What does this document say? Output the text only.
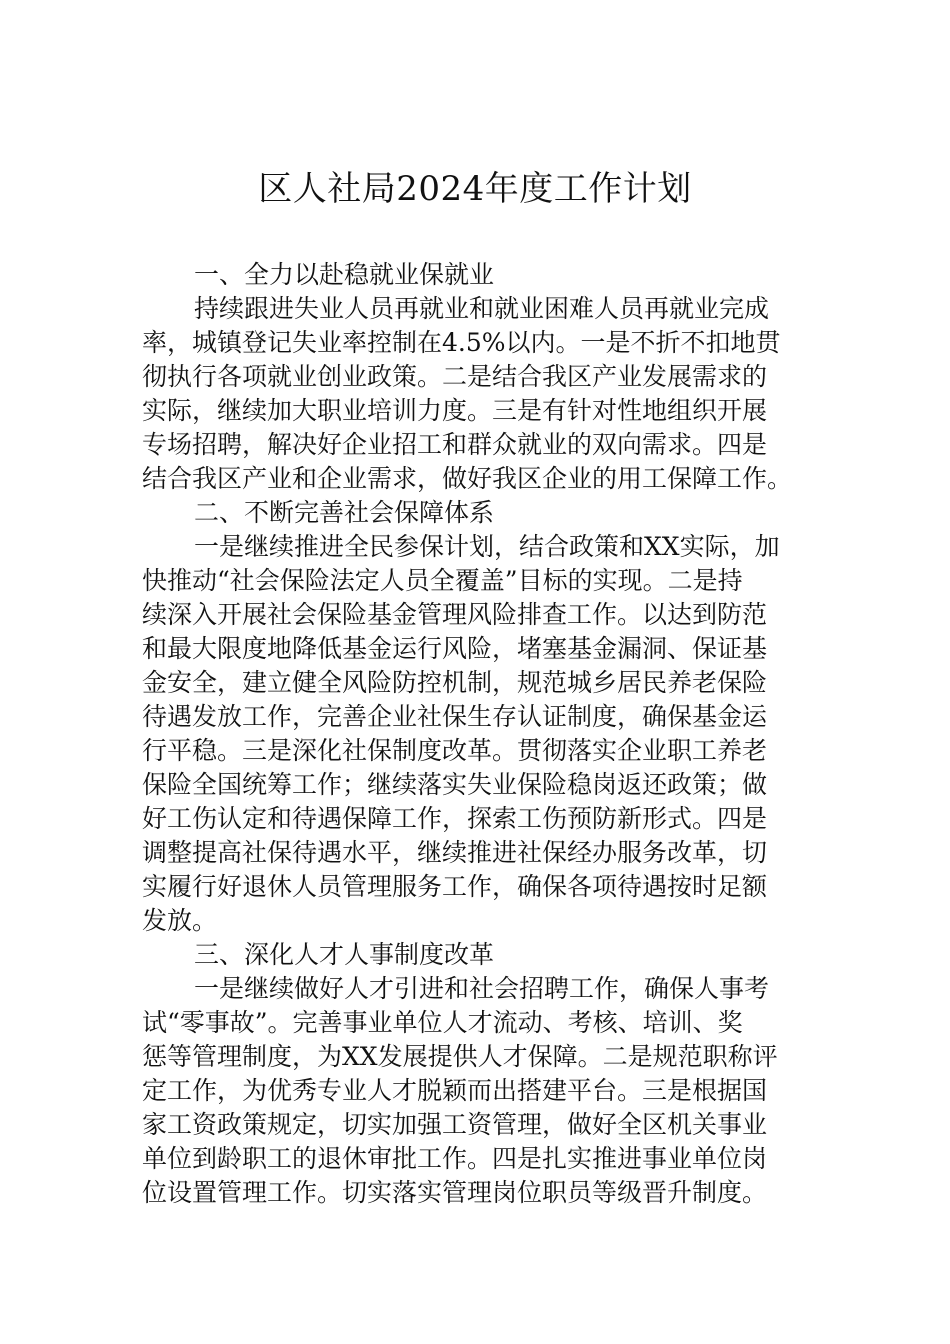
区人社局2024年度工作计划

一、全力以赴稳就业保就业

持续跟进失业人员再就业和就业困难人员再就业完成
率，城镇登记失业率控制在4.5%以内。一是不折不扣地贯
彻执行各项就业创业政策。二是结合我区产业发展需求的
实际，继续加大职业培训力度。三是有针对性地组织开展
专场招聘，解决好企业招工和群众就业的双向需求。四是
结合我区产业和企业需求，做好我区企业的用工保障工作。

二、不断完善社会保障体系

一是继续推进全民参保计划，结合政策和XX实际，加
快推动“社会保险法定人员全覆盖”目标的实现。二是持
续深入开展社会保险基金管理风险排查工作。以达到防范
和最大限度地降低基金运行风险，堵塞基金漏洞、保证基
金安全，建立健全风险防控机制，规范城乡居民养老保险
待遇发放工作，完善企业社保生存认证制度，确保基金运
行平稳。三是深化社保制度改革。贯彻落实企业职工养老
保险全国统筹工作；继续落实失业保险稳岗返还政策；做
好工伤认定和待遇保障工作，探索工伤预防新形式。四是
调整提高社保待遇水平，继续推进社保经办服务改革，切
实履行好退休人员管理服务工作，确保各项待遇按时足额
发放。

三、深化人才人事制度改革

一是继续做好人才引进和社会招聘工作，确保人事考
试“零事故”。完善事业单位人才流动、考核、培训、奖
惩等管理制度，为XX发展提供人才保障。二是规范职称评
定工作，为优秀专业人才脱颖而出搭建平台。三是根据国
家工资政策规定，切实加强工资管理，做好全区机关事业
单位到龄职工的退休审批工作。四是扎实推进事业单位岗
位设置管理工作。切实落实管理岗位职员等级晋升制度。
